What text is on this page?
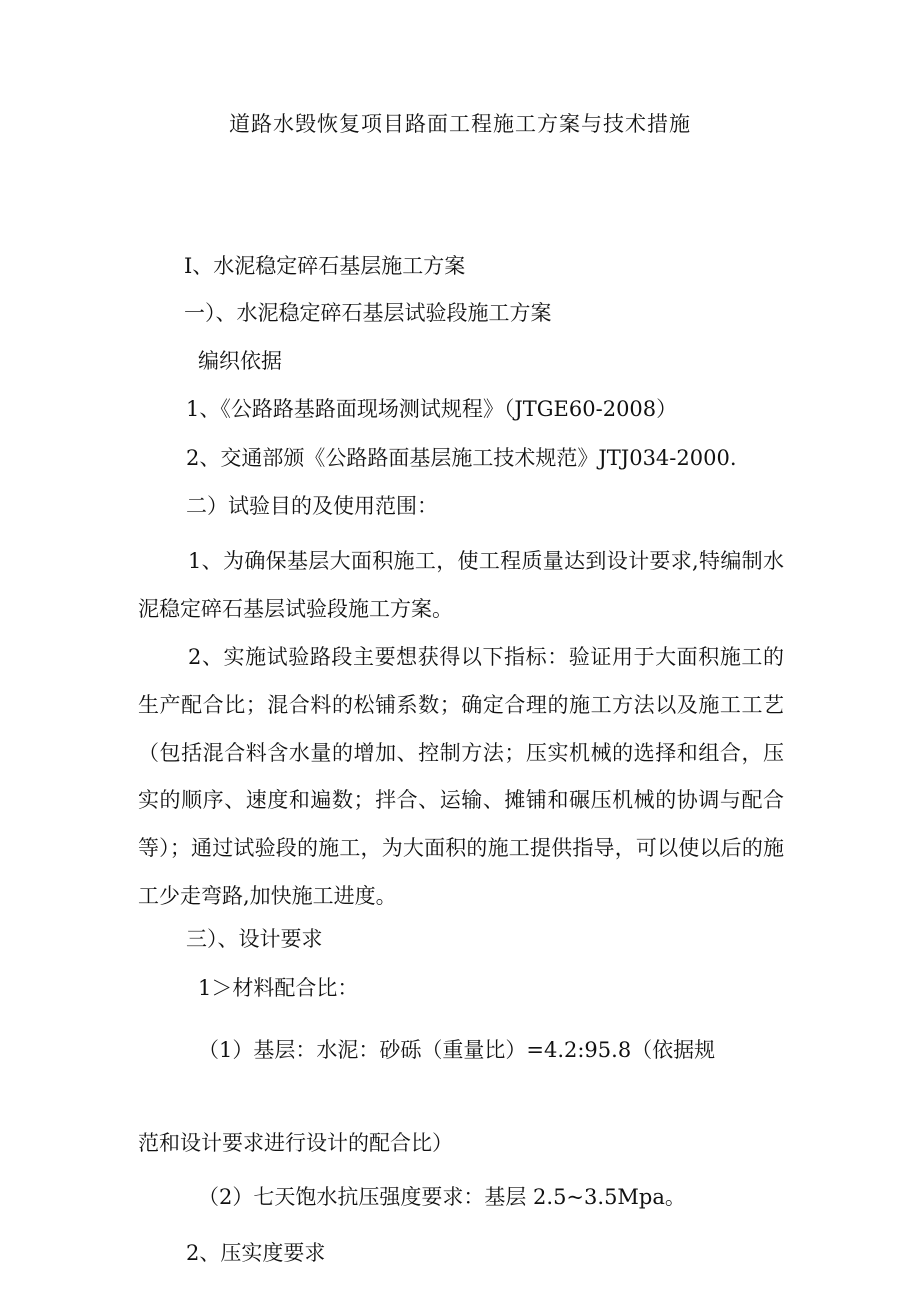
道路水毁恢复项目路面工程施工方案与技术措施
I、水泥稳定碎石基层施工方案
一）、水泥稳定碎石基层试验段施工方案
编织依据
1、《公路路基路面现场测试规程》（JTGE60-2008）
2、交通部颁《公路路面基层施工技术规范》JTJ034-2000.
二）试验目的及使用范围：
1、为确保基层大面积施工，使工程质量达到设计要求,特编制水泥稳定碎石基层试验段施工方案。
2、实施试验路段主要想获得以下指标：验证用于大面积施工的生产配合比；混合料的松铺系数；确定合理的施工方法以及施工工艺（包括混合料含水量的增加、控制方法；压实机械的选择和组合，压实的顺序、速度和遍数；拌合、运输、摊铺和碾压机械的协调与配合等）；通过试验段的施工，为大面积的施工提供指导，可以使以后的施工少走弯路,加快施工进度。
三）、设计要求
1＞材料配合比：
（1）基层：水泥：砂砾（重量比）=4.2:95.8（依据规
范和设计要求进行设计的配合比）
（2）七天饱水抗压强度要求：基层 2.5~3.5Mpa。
2、压实度要求
